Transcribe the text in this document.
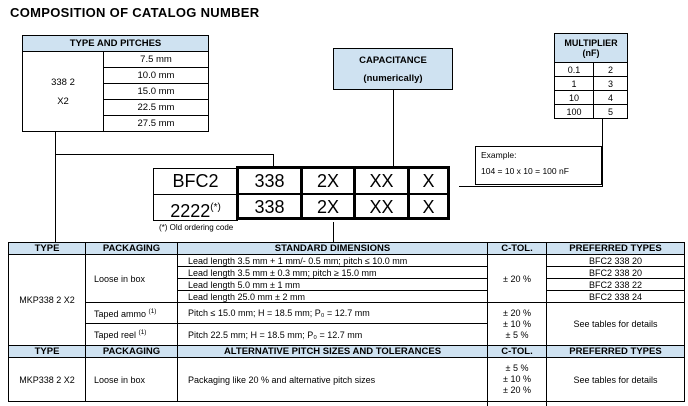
COMPOSITION OF CATALOG NUMBER
TYPE AND PITCHES

338 2
X2
	7.5 mm
10.0 mm
15.0 mm
22.5 mm
27.5 mm
CAPACITANCE
(numerically)
MULTIPLIER
(nF)	

0.1	2
1	3
10	4
100	5
Example:
104 = 10 x 10 = 100 nF
BFC2
2222(*)
338	2X	XX	X
338	2X	XX	X
(*) Old ordering code
TYPE	PACKAGING	STANDARD DIMENSIONS	C-TOL.	PREFERRED TYPES
MKP338 2 X2	Loose in box	Lead length 3.5 mm + 1 mm/- 0.5 mm; pitch ≤ 10.0 mm	± 20 %	BFC2 338 20
		Lead length 3.5 mm ± 0.3 mm; pitch ≥ 15.0 mm		BFC2 338 20
		Lead length 5.0 mm ± 1 mm		BFC2 338 22
		Lead length 25.0 mm ± 2 mm		BFC2 338 24
	Taped ammo $^{(1)}$	Pitch ≤ 15.0 mm; H = 18.5 mm; P₀ = 12.7 mm	± 20 %
± 10 %
± 5 %	See tables for details
	Taped reel $^{(1)}$	Pitch 22.5 mm; H = 18.5 mm; P₀ = 12.7 mm		
TYPE	PACKAGING	ALTERNATIVE PITCH SIZES AND TOLERANCES	C-TOL.	PREFERRED TYPES
MKP338 2 X2	Loose in box	Packaging like 20 % and alternative pitch sizes	± 5 %
± 10 %
± 20 %	See tables for details
